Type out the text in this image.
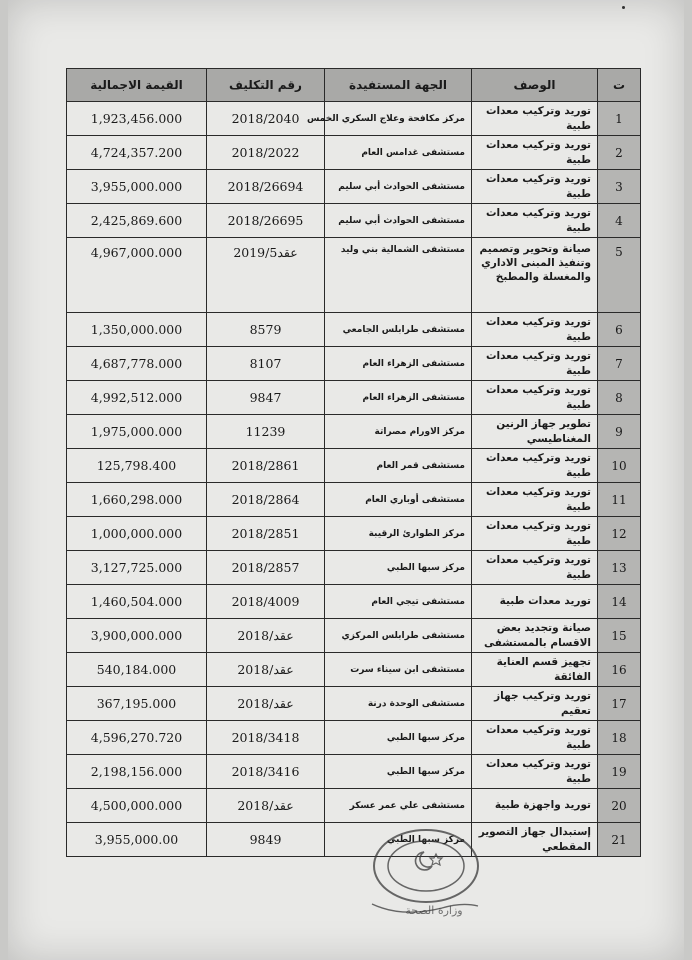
ت	الوصف	الجهة المستفيدة	رقم التكليف	القيمة الاجمالية
1	توريد وتركيب معدات طبية	مركز مكافحة وعلاج السكري الخمس	2018/2040	1,923,456.000
2	توريد وتركيب معدات طبية	مستشفى غدامس العام	2018/2022	4,724,357.200
3	توريد وتركيب معدات طبية	مستشفى الحوادث أبي سليم	2018/26694	3,955,000.000
4	توريد وتركيب معدات طبية	مستشفى الحوادث أبي سليم	2018/26695	2,425,869.600
5	صيانة وتحوير وتصميم وتنفيذ المبنى الاداري والمغسلة والمطبخ	مستشفى الشمالية بني وليد	عقد2019/5	4,967,000.000
6	توريد وتركيب معدات طبية	مستشفى طرابلس الجامعي	8579	1,350,000.000
7	توريد وتركيب معدات طبية	مستشفى الزهراء العام	8107	4,687,778.000
8	توريد وتركيب معدات طبية	مستشفى الزهراء العام	9847	4,992,512.000
9	تطوير جهاز الرنين المغناطيسي	مركز الاورام مصراتة	11239	1,975,000.000
10	توريد وتركيب معدات طبية	مستشفى قمر العام	2018/2861	125,798.400
11	توريد وتركيب معدات طبية	مستشفى أوباري العام	2018/2864	1,660,298.000
12	توريد وتركيب معدات طبية	مركز الطوارئ الرقيبة	2018/2851	1,000,000.000
13	توريد وتركيب معدات طبية	مركز سبها الطبي	2018/2857	3,127,725.000
14	توريد معدات طبية	مستشفى تيجي العام	2018/4009	1,460,504.000
15	صيانة وتجديد بعض الاقسام بالمستشفى	مستشفى طرابلس المركزي	عقد/2018	3,900,000.000
16	تجهيز قسم العناية الفائقة	مستشفى ابن سيناء سرت	عقد/2018	540,184.000
17	توريد وتركيب جهاز تعقيم	مستشفى الوحدة درنة	عقد/2018	367,195.000
18	توريد وتركيب معدات طبية	مركز سبها الطبي	2018/3418	4,596,270.720
19	توريد وتركيب معدات طبية	مركز سبها الطبي	2018/3416	2,198,156.000
20	توريد واجهزة طبية	مستشفى علي عمر عسكر	عقد/2018	4,500,000.000
21	إستبدال جهاز التصوير المقطعي	مركز سبها الطبي	9849	3,955,000.00
وزارة الصحة
